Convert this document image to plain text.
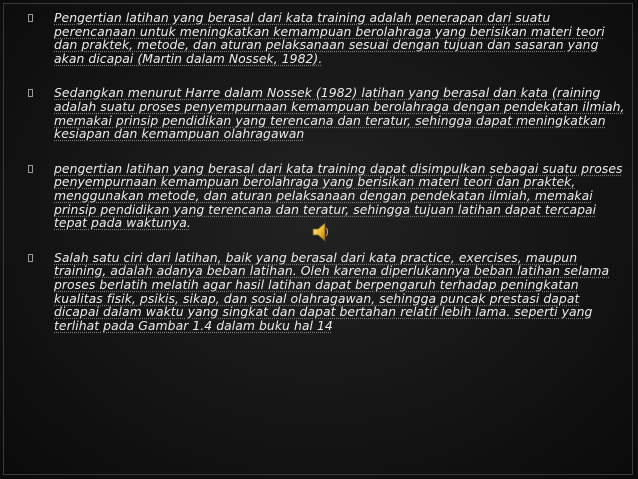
Pengertian latihan yang berasal dari kata training adalah penerapan dari suatu perencanaan untuk meningkatkan kemampuan berolahraga yang berisikan materi teori dan praktek, metode, dan aturan pelaksanaan sesuai dengan tujuan dan sasaran yang akan dicapai (Martin dalam Nossek, 1982).
Sedangkan menurut Harre dalam Nossek (1982) latihan yang berasal dan kata (raining adalah suatu proses penyempurnaan kemampuan berolahraga dengan pendekatan ilmiah, memakai prinsip pendidikan yang terencana dan teratur, sehingga dapat meningkatkan kesiapan dan kemampuan olahragawan
pengertian latihan yang berasal dari kata training dapat disimpulkan sebagai suatu proses penyempurnaan kemampuan berolahraga yang berisikan materi teori dan praktek, menggunakan metode, dan aturan pelaksanaan dengan pendekatan ilmiah, memakai prinsip pendidikan yang terencana dan teratur, sehingga tujuan latihan dapat tercapai tepat pada waktunya.
Salah satu ciri dari latihan, baik yang berasal dari kata practice, exercises, maupun training, adalah adanya beban latihan. Oleh karena diperlukannya beban latihan selama proses berlatih melatih agar hasil latihan dapat berpengaruh terhadap peningkatan kualitas fisik, psikis, sikap, dan sosial olahragawan, sehingga puncak prestasi dapat dicapai dalam waktu yang singkat dan dapat bertahan relatif lebih lama. seperti yang terlihat pada Gambar 1.4 dalam buku hal 14
